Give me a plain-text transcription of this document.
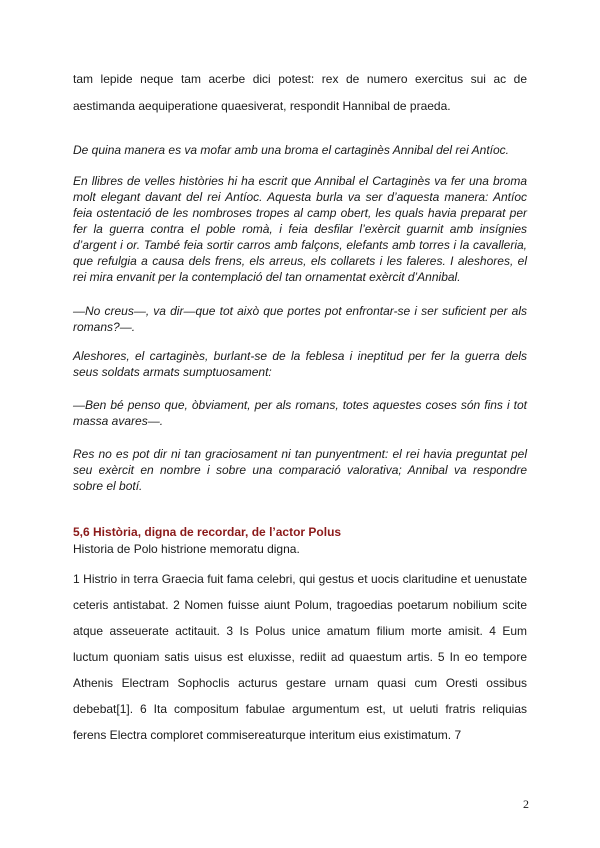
tam lepide neque tam acerbe dici potest: rex de numero exercitus sui ac de aestimanda aequiperatione quaesiverat, respondit Hannibal de praeda.

De quina manera es va mofar amb una broma el cartaginès Annibal del rei Antíoc.

En llibres de velles històries hi ha escrit que Annibal el Cartaginès va fer una broma molt elegant davant del rei Antíoc. Aquesta burla va ser d’aquesta manera: Antíoc feia ostentació de les nombroses tropes al camp obert, les quals havia preparat per fer la guerra contra el poble romà, i feia desfilar l’exèrcit guarnit amb insígnies d’argent i or. També feia sortir carros amb falçons, elefants amb torres i la cavalleria, que refulgia a causa dels frens, els arreus, els collarets i les faleres. I aleshores, el rei mira envanit per la contemplació del tan ornamentat exèrcit d’Annibal.

—No creus—, va dir—que tot això que portes pot enfrontar-se i ser suficient per als romans?—.

Aleshores, el cartaginès, burlant-se de la feblesa i ineptitud per fer la guerra dels seus soldats armats sumptuosament:

—Ben bé penso que, òbviament, per als romans, totes aquestes coses són fins i tot massa avares—.

Res no es pot dir ni tan graciosament ni tan punyentment: el rei havia preguntat pel seu exèrcit en nombre i sobre una comparació valorativa; Annibal va respondre sobre el botí.

5,6 Història, digna de recordar, de l’actor Polus

Historia de Polo histrione memoratu digna.

1 Histrio in terra Graecia fuit fama celebri, qui gestus et uocis claritudine et uenustate ceteris antistabat. 2 Nomen fuisse aiunt Polum, tragoedias poetarum nobilium scite atque asseuerate actitauit. 3 Is Polus unice amatum filium morte amisit. 4 Eum luctum quoniam satis uisus est eluxisse, rediit ad quaestum artis. 5 In eo tempore Athenis Electram Sophoclis acturus gestare urnam quasi cum Oresti ossibus debebat[1]. 6 Ita compositum fabulae argumentum est, ut ueluti fratris reliquias ferens Electra comploret commisereaturque interitum eius existimatum. 7

2
